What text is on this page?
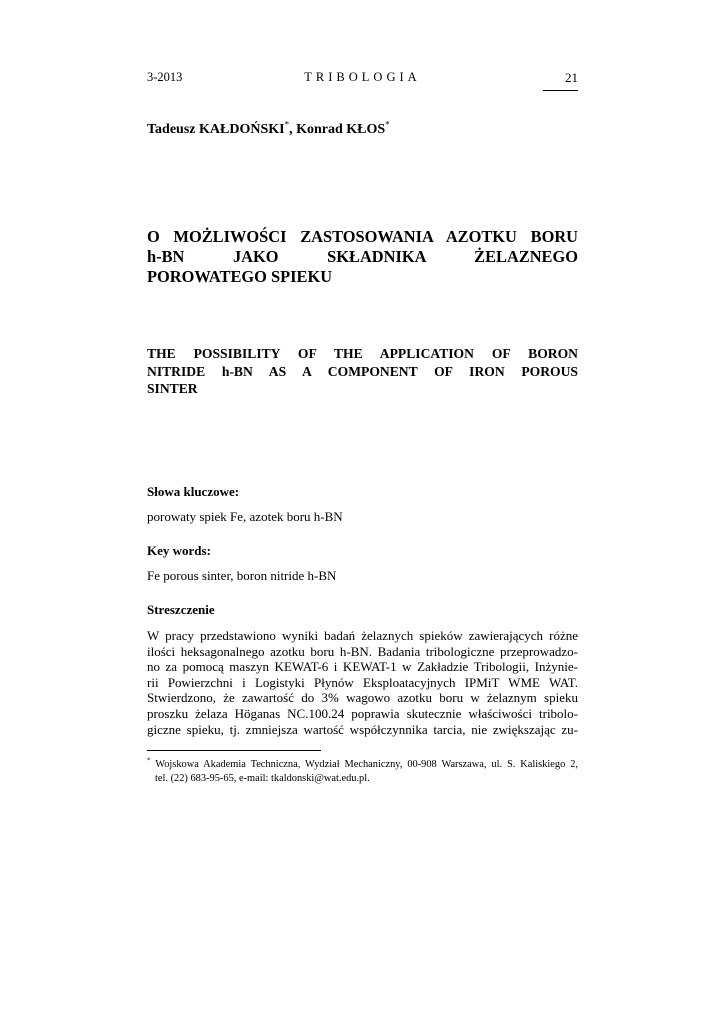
3-2013	TRIBOLOGIA	21
Tadeusz KAŁDOŃSKI*, Konrad KŁOS*
O MOŻLIWOŚCI ZASTOSOWANIA AZOTKU BORU
h-BN JAKO SKŁADNIKA ŻELAZNEGO
POROWATEGO SPIEKU
THE POSSIBILITY OF THE APPLICATION OF BORON
NITRIDE h-BN AS A COMPONENT OF IRON POROUS
SINTER
Słowa kluczowe:
porowaty spiek Fe, azotek boru h-BN
Key words:
Fe porous sinter, boron nitride h-BN
Streszczenie
W pracy przedstawiono wyniki badań żelaznych spieków zawierających różne
ilości heksagonalnego azotku boru h-BN. Badania tribologiczne przeprowadzo-
no za pomocą maszyn KEWAT-6 i KEWAT-1 w Zakładzie Tribologii, Inżynie-
rii Powierzchni i Logistyki Płynów Eksploatacyjnych IPMiT WME WAT.
Stwierdzono, że zawartość do 3% wagowo azotku boru w żelaznym spieku
proszku żelaza Höganas NC.100.24 poprawia skutecznie właściwości tribolo-
giczne spieku, tj. zmniejsza wartość współczynnika tarcia, nie zwiększając zu-
* Wojskowa Akademia Techniczna, Wydział Mechaniczny, 00-908 Warszawa, ul. S. Kaliskiego 2,
tel. (22) 683-95-65, e-mail: tkaldonski@wat.edu.pl.
